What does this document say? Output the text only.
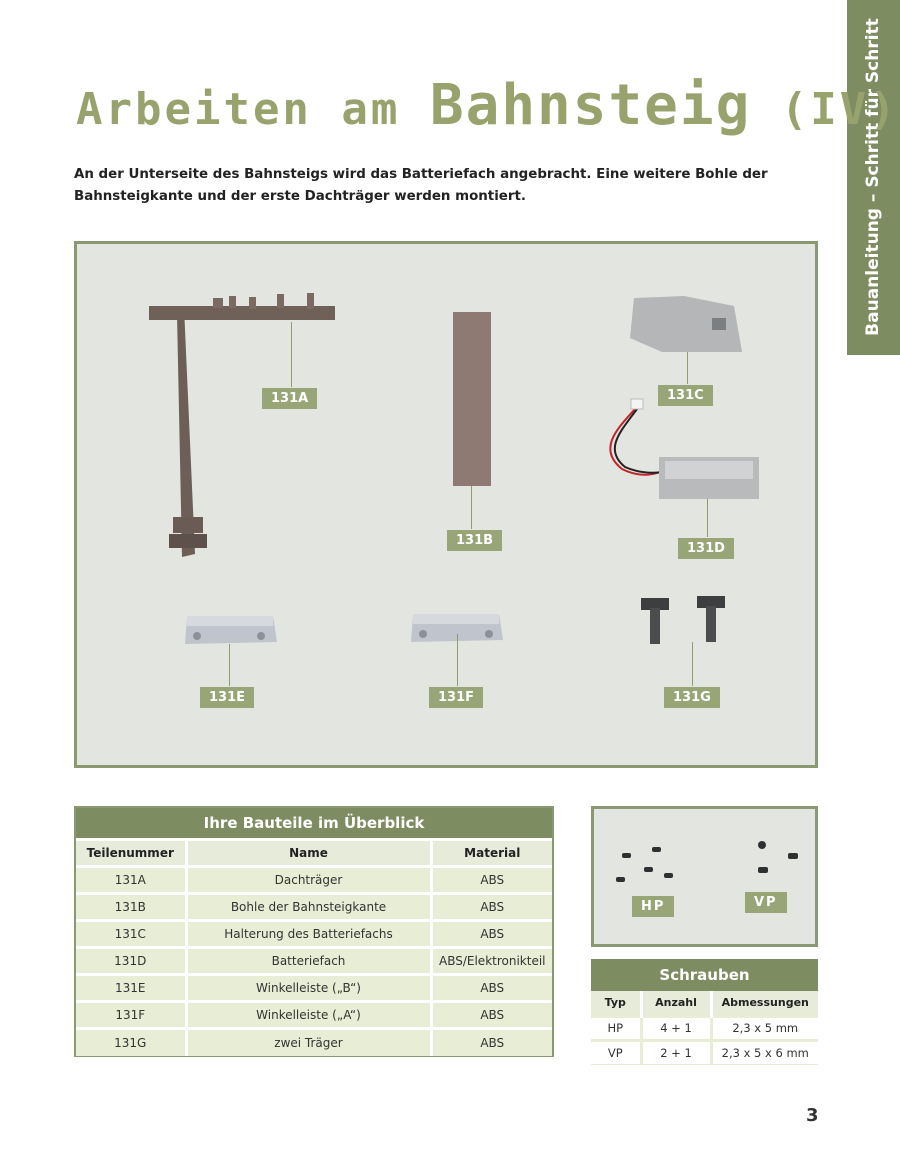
Bauanleitung – Schritt für Schritt
Arbeiten am Bahnsteig (IV)

An der Unterseite des Bahnsteigs wird das Batteriefach angebracht. Eine weitere Bohle der Bahnsteigkante und der erste Dachträger werden montiert.

131A
131B
131C
131D
131E	131F	131G
Ihre Bauteile im Überblick
Teilenummer	Name	Material
131A	Dachträger	ABS
131B	Bohle der Bahnsteigkante	ABS
131C	Halterung des Batteriefachs	ABS
131D	Batteriefach	ABS/Elektronikteil
131E	Winkelleiste („B“)	ABS
131F	Winkelleiste („A“)	ABS
131G	zwei Träger	ABS
HP	VP
Schrauben
Typ	Anzahl	Abmessungen
HP	4 + 1	2,3 x 5 mm
VP	2 + 1	2,3 x 5 x 6 mm
3
